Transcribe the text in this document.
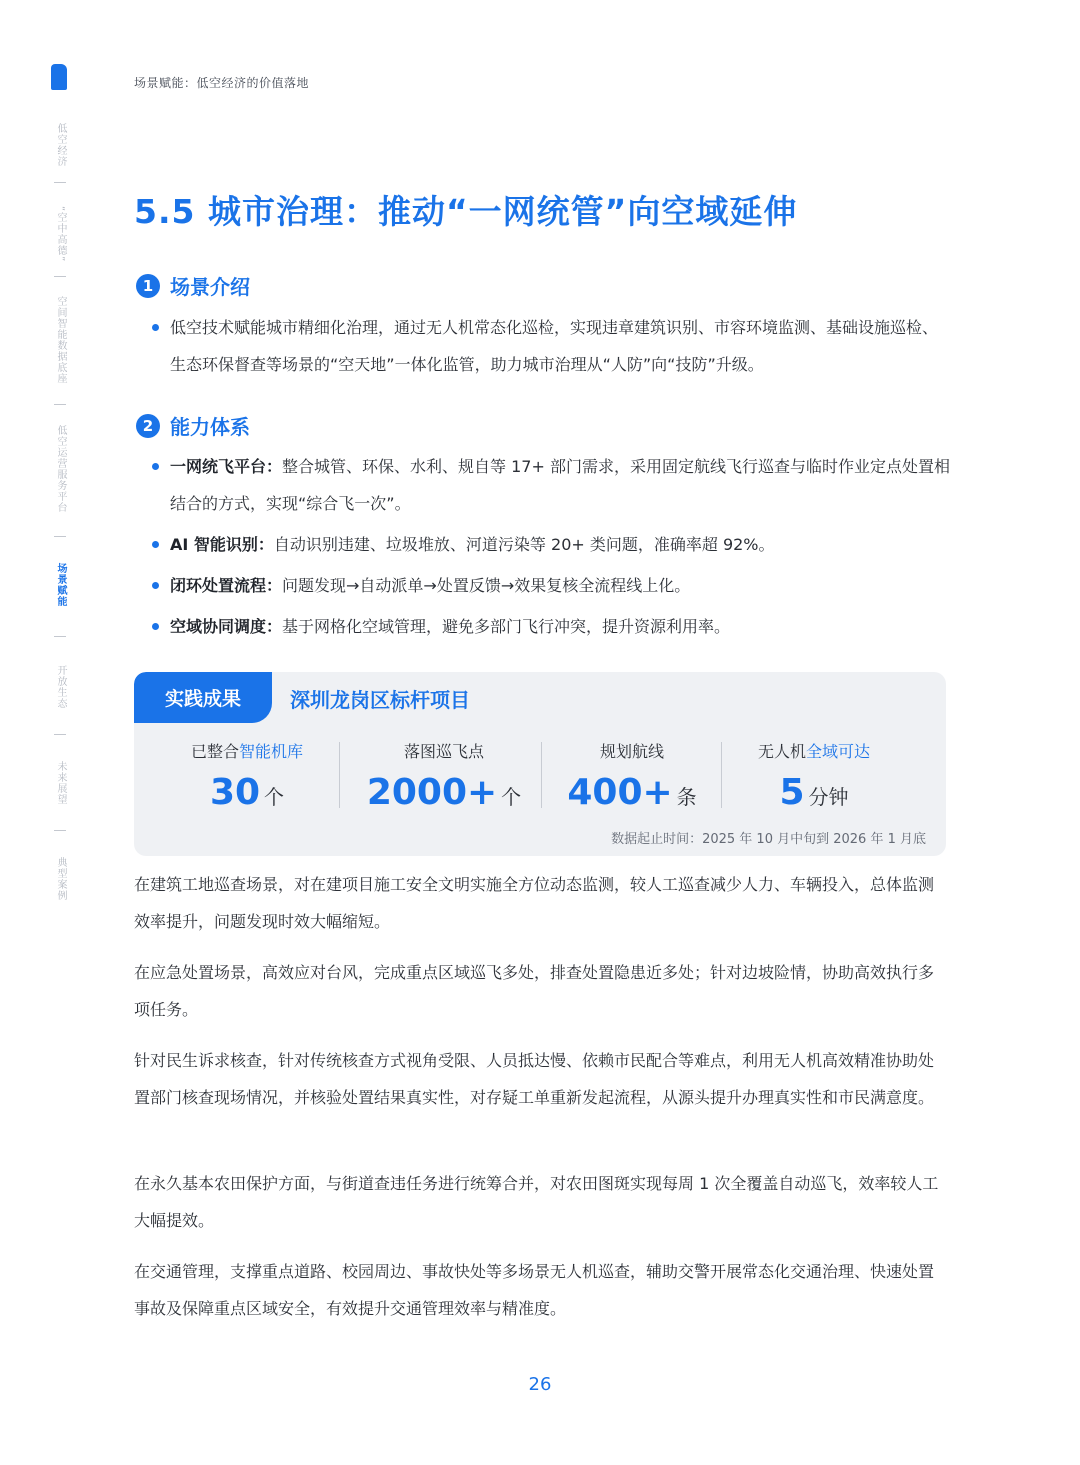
场景赋能：低空经济的价值落地
低空经济
“空中高德”
空间智能数据底座
低空运营服务平台
场景赋能
开放生态
未来展望
典型案例
5.5 城市治理：推动“一网统管”向空域延伸
1 场景介绍
低空技术赋能城市精细化治理，通过无人机常态化巡检，实现违章建筑识别、市容环境监测、基础设施巡检、生态环保督查等场景的“空天地”一体化监管，助力城市治理从“人防”向“技防”升级。
2 能力体系
一网统飞平台：整合城管、环保、水利、规自等 17+ 部门需求，采用固定航线飞行巡查与临时作业定点处置相结合的方式，实现“综合飞一次”。
AI 智能识别：自动识别违建、垃圾堆放、河道污染等 20+ 类问题，准确率超 92%。
闭环处置流程：问题发现→自动派单→处置反馈→效果复核全流程线上化。
空域协同调度：基于网格化空域管理，避免多部门飞行冲突，提升资源利用率。
实践成果	深圳龙岗区标杆项目
已整合智能机库
30 个
落图巡飞点
2000+ 个
规划航线
400+ 条
无人机全域可达
5 分钟
数据起止时间：2025 年 10 月中旬到 2026 年 1 月底

在建筑工地巡查场景，对在建项目施工安全文明实施全方位动态监测，较人工巡查减少人力、车辆投入，总体监测效率提升，问题发现时效大幅缩短。

在应急处置场景，高效应对台风，完成重点区域巡飞多处，排查处置隐患近多处；针对边坡险情，协助高效执行多项任务。

针对民生诉求核查，针对传统核查方式视角受限、人员抵达慢、依赖市民配合等难点，利用无人机高效精准协助处置部门核查现场情况，并核验处置结果真实性，对存疑工单重新发起流程，从源头提升办理真实性和市民满意度。

在永久基本农田保护方面，与街道查违任务进行统筹合并，对农田图斑实现每周 1 次全覆盖自动巡飞，效率较人工大幅提效。

在交通管理，支撑重点道路、校园周边、事故快处等多场景无人机巡查，辅助交警开展常态化交通治理、快速处置事故及保障重点区域安全，有效提升交通管理效率与精准度。

26
